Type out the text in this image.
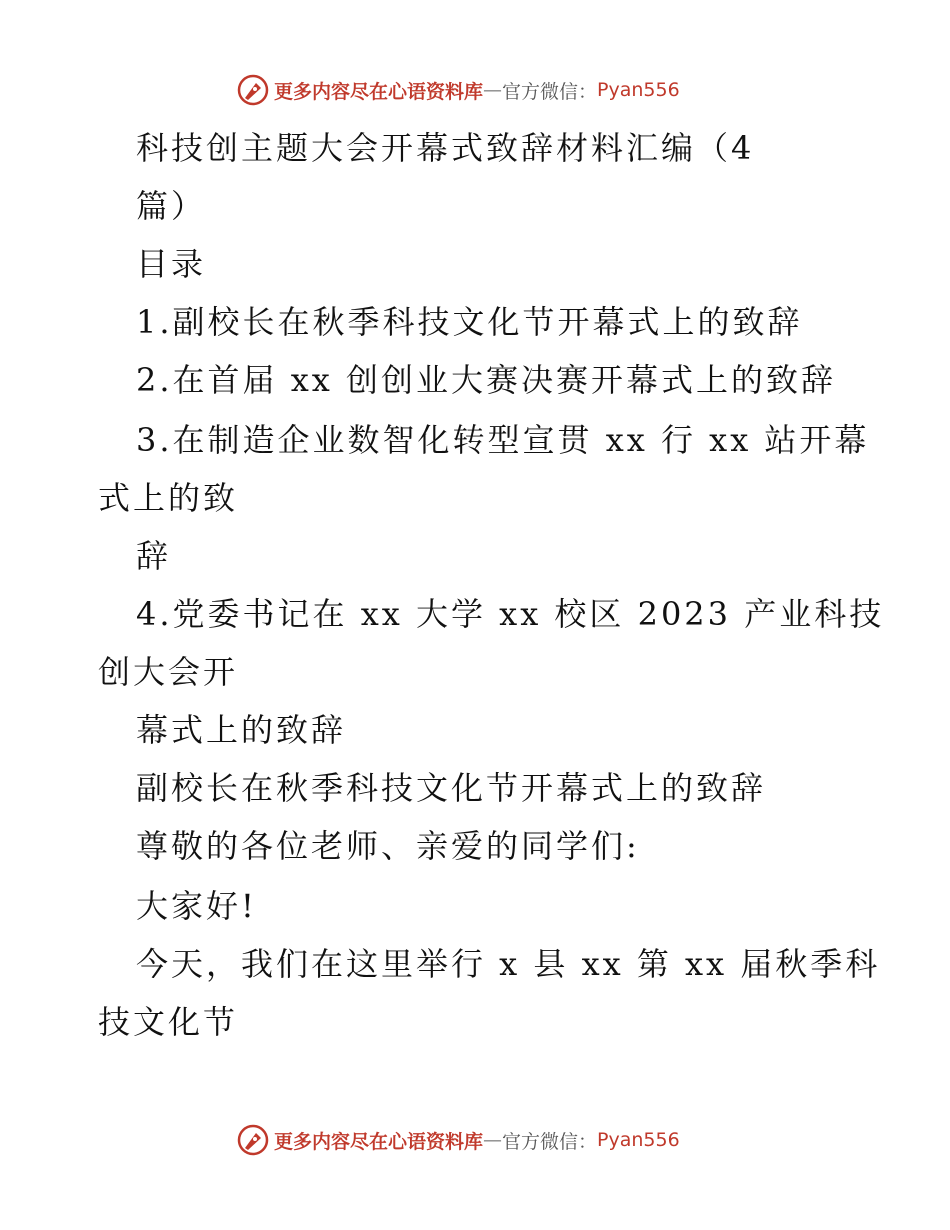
更多内容尽在心语资料库 — 官方微信： Pyan556
科技创主题大会开幕式致辞材料汇编（4
篇）
目录
1.副校长在秋季科技文化节开幕式上的致辞
2.在首届 xx 创创业大赛决赛开幕式上的致辞
3.在制造企业数智化转型宣贯 xx 行 xx 站开幕
式上的致
辞
4.党委书记在 xx 大学 xx 校区 2023 产业科技
创大会开
幕式上的致辞
副校长在秋季科技文化节开幕式上的致辞
尊敬的各位老师、亲爱的同学们:
大家好!
今天，我们在这里举行 x 县 xx 第 xx 届秋季科
技文化节
更多内容尽在心语资料库 — 官方微信： Pyan556
